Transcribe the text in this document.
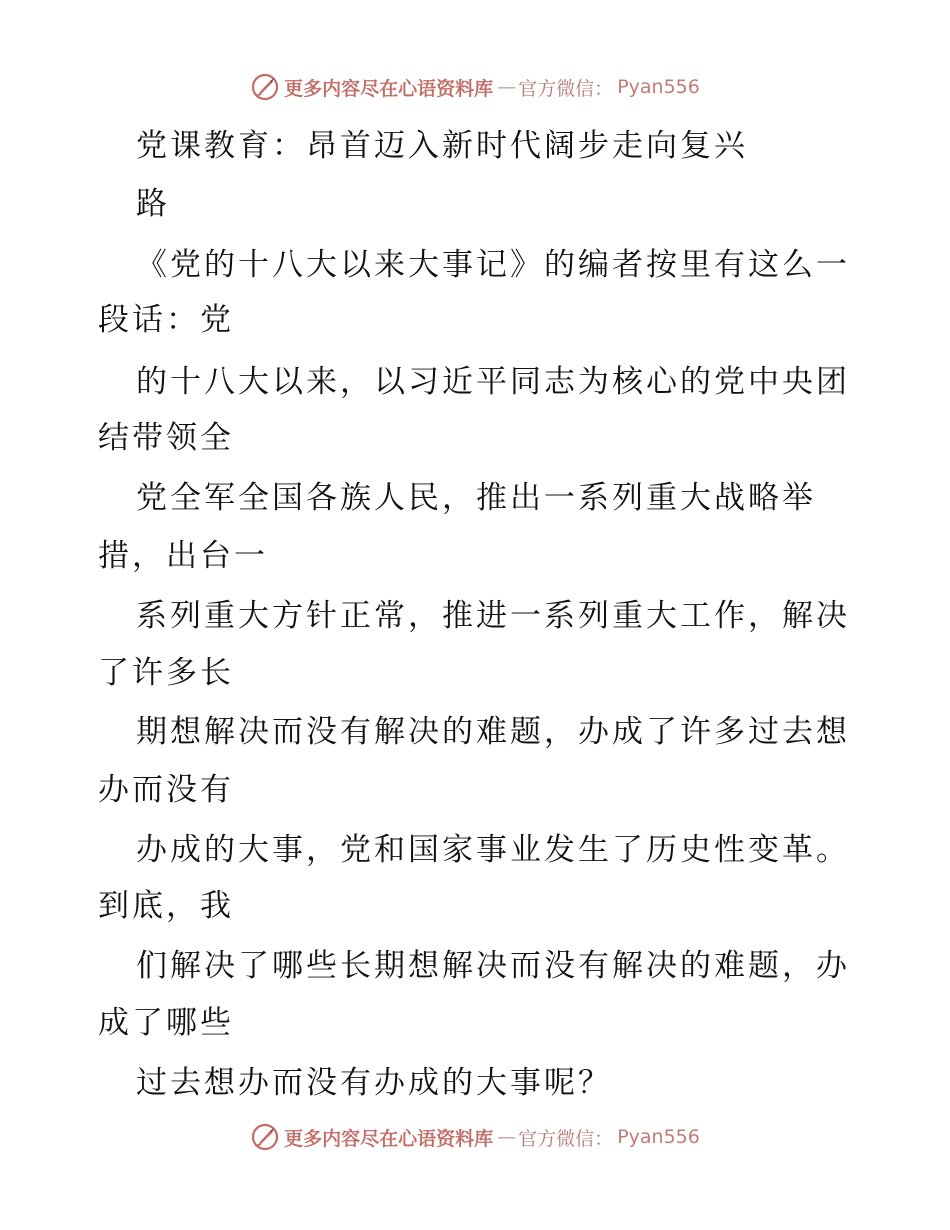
更多内容尽在心语资料库 — 官方微信： Pyan556
党课教育：昂首迈入新时代阔步走向复兴
路
《党的十八大以来大事记》的编者按里有这么一
段话：党
的十八大以来，以习近平同志为核心的党中央团
结带领全
党全军全国各族人民，推出一系列重大战略举
措，出台一
系列重大方针正常，推进一系列重大工作，解决
了许多长
期想解决而没有解决的难题，办成了许多过去想
办而没有
办成的大事，党和国家事业发生了历史性变革。
到底，我
们解决了哪些长期想解决而没有解决的难题，办
成了哪些
过去想办而没有办成的大事呢？
更多内容尽在心语资料库 — 官方微信： Pyan556
